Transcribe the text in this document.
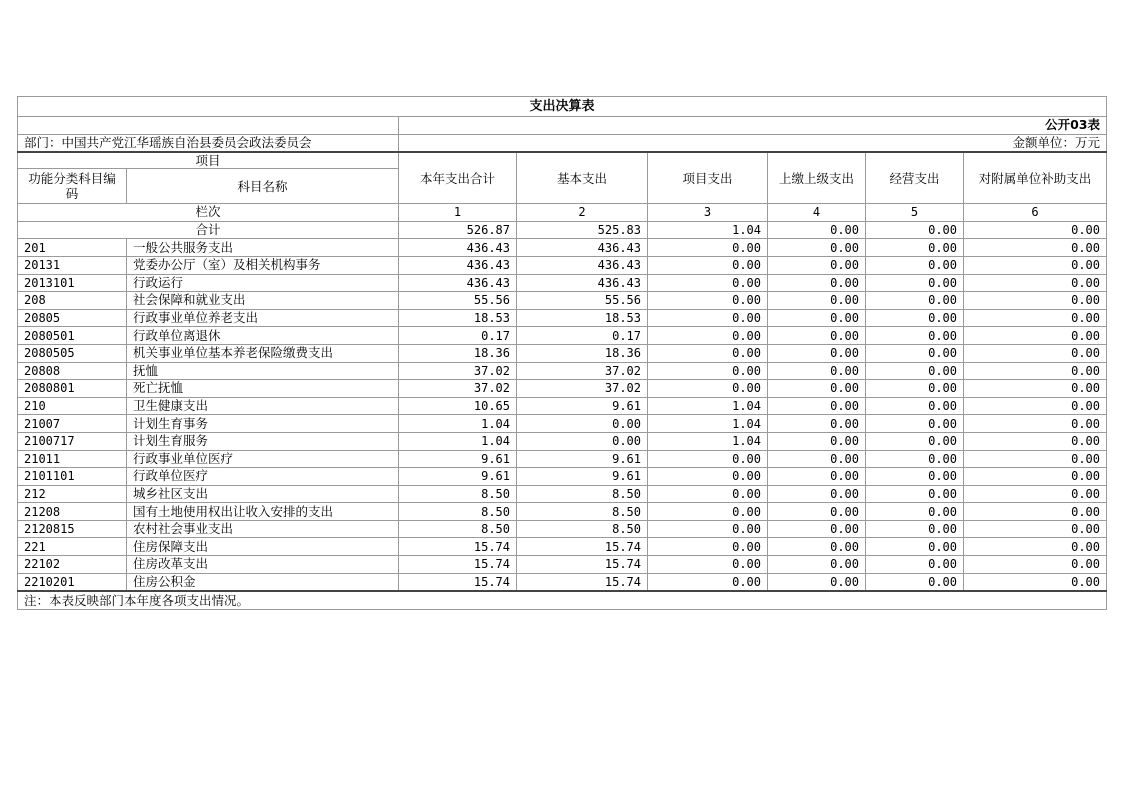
支出决算表							
		公开03表					
部门：中国共产党江华瑶族自治县委员会政法委员会		金额单位：万元					
项目		本年支出合计	基本支出	项目支出	上缴上级支出	经营支出	对附属单位补助支出
功能分类科目编码	科目名称						
栏次		1	2	3	4	5	6
合计		526.87	525.83	1.04	0.00	0.00	0.00
201	一般公共服务支出	436.43	436.43	0.00	0.00	0.00	0.00
20131	党委办公厅（室）及相关机构事务	436.43	436.43	0.00	0.00	0.00	0.00
2013101	行政运行	436.43	436.43	0.00	0.00	0.00	0.00
208	社会保障和就业支出	55.56	55.56	0.00	0.00	0.00	0.00
20805	行政事业单位养老支出	18.53	18.53	0.00	0.00	0.00	0.00
2080501	行政单位离退休	0.17	0.17	0.00	0.00	0.00	0.00
2080505	机关事业单位基本养老保险缴费支出	18.36	18.36	0.00	0.00	0.00	0.00
20808	抚恤	37.02	37.02	0.00	0.00	0.00	0.00
2080801	死亡抚恤	37.02	37.02	0.00	0.00	0.00	0.00
210	卫生健康支出	10.65	9.61	1.04	0.00	0.00	0.00
21007	计划生育事务	1.04	0.00	1.04	0.00	0.00	0.00
2100717	计划生育服务	1.04	0.00	1.04	0.00	0.00	0.00
21011	行政事业单位医疗	9.61	9.61	0.00	0.00	0.00	0.00
2101101	行政单位医疗	9.61	9.61	0.00	0.00	0.00	0.00
212	城乡社区支出	8.50	8.50	0.00	0.00	0.00	0.00
21208	国有土地使用权出让收入安排的支出	8.50	8.50	0.00	0.00	0.00	0.00
2120815	农村社会事业支出	8.50	8.50	0.00	0.00	0.00	0.00
221	住房保障支出	15.74	15.74	0.00	0.00	0.00	0.00
22102	住房改革支出	15.74	15.74	0.00	0.00	0.00	0.00
2210201	住房公积金	15.74	15.74	0.00	0.00	0.00	0.00
注：本表反映部门本年度各项支出情况。							
